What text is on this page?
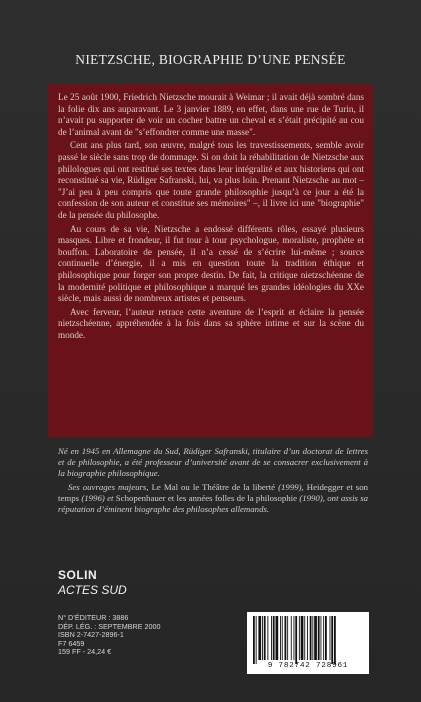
NIETZSCHE, BIOGRAPHIE D’UNE PENSÉE

Le 25 août 1900, Friedrich Nietzsche mourait à Weimar ; il avait déjà sombré dans la folie dix ans auparavant. Le 3 janvier 1889, en effet, dans une rue de Turin, il n’avait pu supporter de voir un cocher battre un cheval et s’était précipité au cou de l’animal avant de "s’effondrer comme une masse".

Cent ans plus tard, son œuvre, malgré tous les travestissements, semble avoir passé le siècle sans trop de dommage. Si on doit la réhabilitation de Nietzsche aux philologues qui ont restitué ses textes dans leur intégralité et aux historiens qui ont reconstitué sa vie, Rüdiger Safranski, lui, va plus loin. Prenant Nietzsche au mot – "J’ai peu à peu compris que toute grande philosophie jusqu’à ce jour a été la confession de son auteur et constitue ses mémoires" –, il livre ici une "biographie" de la pensée du philosophe.

Au cours de sa vie, Nietzsche a endossé différents rôles, essayé plusieurs masques. Libre et frondeur, il fut tour à tour psychologue, moraliste, prophète et bouffon. Laboratoire de pensée, il n’a cessé de s’écrire lui-même ; source continuelle d’énergie, il a mis en question toute la tradition éthique et philosophique pour forger son propre destin. De fait, la critique nietzschéenne de la modernité politique et philosophique a marqué les grandes idéologies du XXe siècle, mais aussi de nombreux artistes et penseurs.

Avec ferveur, l’auteur retrace cette aventure de l’esprit et éclaire la pensée nietzschéenne, appréhendée à la fois dans sa sphère intime et sur la scène du monde.

Né en 1945 en Allemagne du Sud, Rüdiger Safranski, titulaire d’un doctorat de lettres et de philosophie, a été professeur d’université avant de se consacrer exclusivement à la biographie philosophique.

Ses ouvrages majeurs, Le Mal ou le Théâtre de la liberté (1999), Heidegger et son temps (1996) et Schopenhauer et les années folles de la philosophie (1990), ont assis sa réputation d’éminent biographe des philosophes allemands.

SOLIN
ACTES SUD
N° D’ÉDITEUR : 3886
DÉP. LÉG. : SEPTEMBRE 2000
ISBN 2-7427-2896-1
F7 6459
159 FF - 24,24 €
9 782742 728961
